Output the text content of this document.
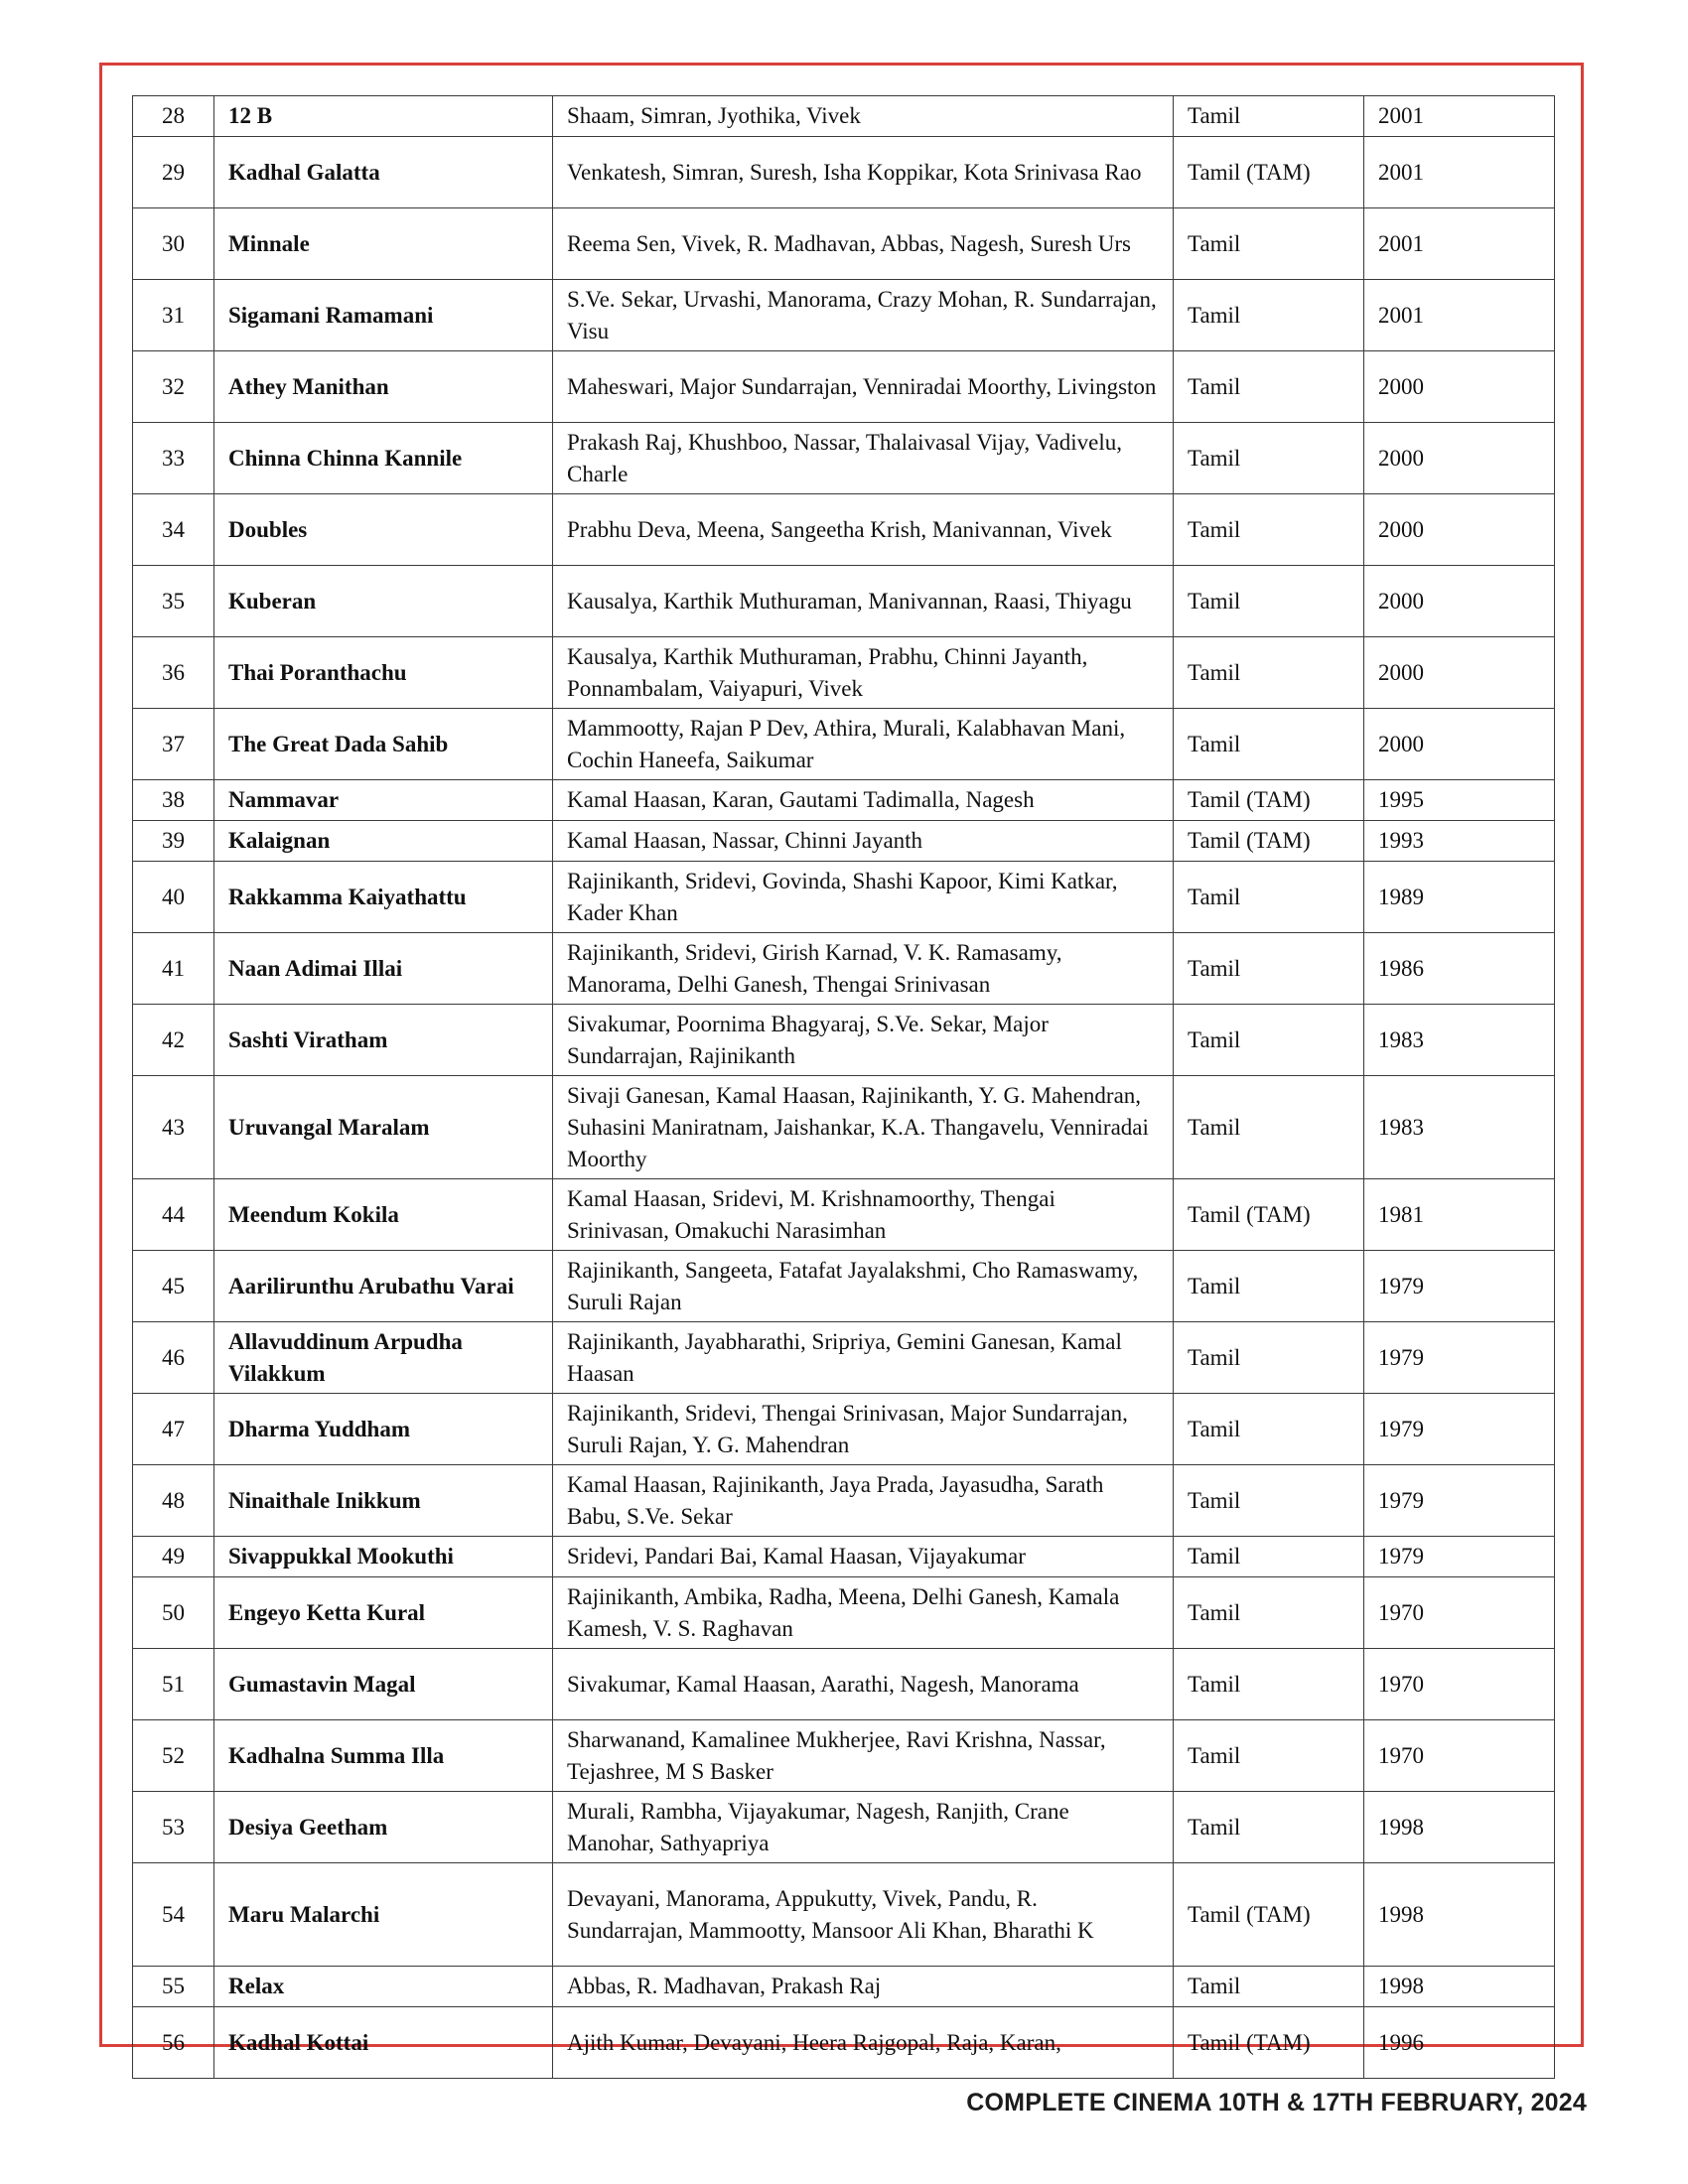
28	12 B	Shaam, Simran, Jyothika, Vivek	Tamil	2001
29	Kadhal Galatta	Venkatesh, Simran, Suresh, Isha Koppikar, Kota Srinivasa Rao	Tamil (TAM)	2001
30	Minnale	Reema Sen, Vivek, R. Madhavan, Abbas, Nagesh, Suresh Urs	Tamil	2001
31	Sigamani Ramamani	S.Ve. Sekar, Urvashi, Manorama, Crazy Mohan, R. Sundarrajan, Visu	Tamil	2001
32	Athey Manithan	Maheswari, Major Sundarrajan, Venniradai Moorthy, Livingston	Tamil	2000
33	Chinna Chinna Kannile	Prakash Raj, Khushboo, Nassar, Thalaivasal Vijay, Vadivelu, Charle	Tamil	2000
34	Doubles	Prabhu Deva, Meena, Sangeetha Krish, Manivannan, Vivek	Tamil	2000
35	Kuberan	Kausalya, Karthik Muthuraman, Manivannan, Raasi, Thiyagu	Tamil	2000
36	Thai Poranthachu	Kausalya, Karthik Muthuraman, Prabhu, Chinni Jayanth, Ponnambalam, Vaiyapuri, Vivek	Tamil	2000
37	The Great Dada Sahib	Mammootty, Rajan P Dev, Athira, Murali, Kalabhavan Mani, Cochin Haneefa, Saikumar	Tamil	2000
38	Nammavar	Kamal Haasan, Karan, Gautami Tadimalla, Nagesh	Tamil (TAM)	1995
39	Kalaignan	Kamal Haasan, Nassar, Chinni Jayanth	Tamil (TAM)	1993
40	Rakkamma Kaiyathattu	Rajinikanth, Sridevi, Govinda, Shashi Kapoor, Kimi Katkar, Kader Khan	Tamil	1989
41	Naan Adimai Illai	Rajinikanth, Sridevi, Girish Karnad, V. K. Ramasamy, Manorama, Delhi Ganesh, Thengai Srinivasan	Tamil	1986
42	Sashti Viratham	Sivakumar, Poornima Bhagyaraj, S.Ve. Sekar, Major Sundarrajan, Rajinikanth	Tamil	1983
43	Uruvangal Maralam	Sivaji Ganesan, Kamal Haasan, Rajinikanth, Y. G. Mahendran, Suhasini Maniratnam, Jaishankar, K.A. Thangavelu, Venniradai Moorthy	Tamil	1983
44	Meendum Kokila	Kamal Haasan, Sridevi, M. Krishnamoorthy, Thengai Srinivasan, Omakuchi Narasimhan	Tamil (TAM)	1981
45	Aarilirunthu Arubathu Varai	Rajinikanth, Sangeeta, Fatafat Jayalakshmi, Cho Ramaswamy, Suruli Rajan	Tamil	1979
46	Allavuddinum Arpudha Vilakkum	Rajinikanth, Jayabharathi, Sripriya, Gemini Ganesan, Kamal Haasan	Tamil	1979
47	Dharma Yuddham	Rajinikanth, Sridevi, Thengai Srinivasan, Major Sundarrajan, Suruli Rajan, Y. G. Mahendran	Tamil	1979
48	Ninaithale Inikkum	Kamal Haasan, Rajinikanth, Jaya Prada, Jayasudha, Sarath Babu, S.Ve. Sekar	Tamil	1979
49	Sivappukkal Mookuthi	Sridevi, Pandari Bai, Kamal Haasan, Vijayakumar	Tamil	1979
50	Engeyo Ketta Kural	Rajinikanth, Ambika, Radha, Meena, Delhi Ganesh, Kamala Kamesh, V. S. Raghavan	Tamil	1970
51	Gumastavin Magal	Sivakumar, Kamal Haasan, Aarathi, Nagesh, Manorama	Tamil	1970
52	Kadhalna Summa Illa	Sharwanand, Kamalinee Mukherjee, Ravi Krishna, Nassar, Tejashree, M S Basker	Tamil	1970
53	Desiya Geetham	Murali, Rambha, Vijayakumar, Nagesh, Ranjith, Crane Manohar, Sathyapriya	Tamil	1998
54	Maru Malarchi	Devayani, Manorama, Appukutty, Vivek, Pandu, R. Sundarrajan, Mammootty, Mansoor Ali Khan, Bharathi K	Tamil (TAM)	1998
55	Relax	Abbas, R. Madhavan, Prakash Raj	Tamil	1998
56	Kadhal Kottai	Ajith Kumar, Devayani, Heera Rajgopal, Raja, Karan,	Tamil (TAM)	1996
COMPLETE CINEMA 10TH & 17TH FEBRUARY, 2024
